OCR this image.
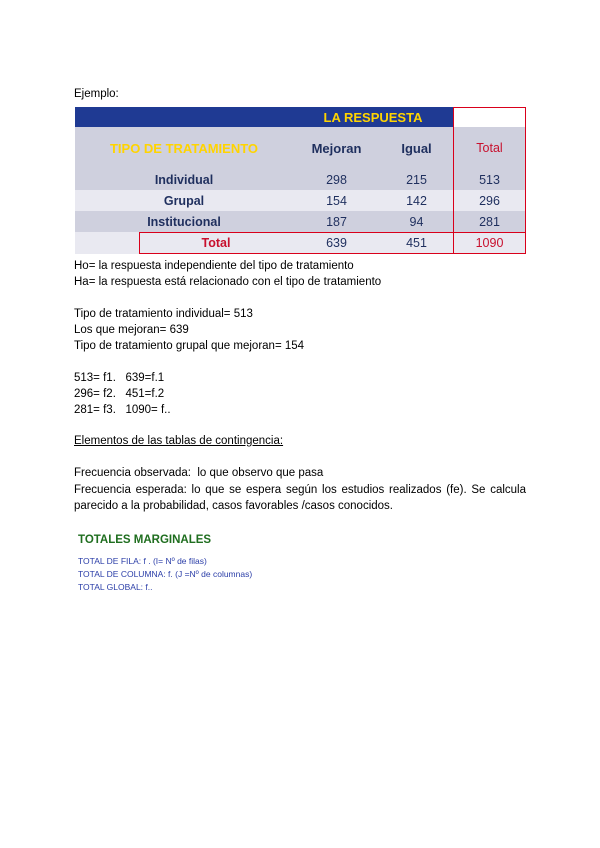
Ejemplo:
LA RESPUESTA
TIPO DE TRATAMIENTO	Mejoran	Igual	Total
Individual	298	215	513
Grupal	154	142	296
Institucional	187	94	281
Total	639	451	1090
Ho= la respuesta independiente del tipo de tratamiento
Ha= la respuesta está relacionado con el tipo de tratamiento
Tipo de tratamiento individual= 513
Los que mejoran= 639
Tipo de tratamiento grupal que mejoran= 154
513= f1.   639=f.1
296= f2.   451=f.2
281= f3.   1090= f..
Elementos de las tablas de contingencia:
Frecuencia observada:  lo que observo que pasa
Frecuencia esperada: lo que se espera según los estudios realizados (fe). Se calcula parecido a la probabilidad, casos favorables /casos conocidos.
TOTALES MARGINALES
TOTAL DE FILA: f . (I= Nº de filas)
TOTAL DE COLUMNA: f. (J =Nº de columnas)
TOTAL GLOBAL: f..
